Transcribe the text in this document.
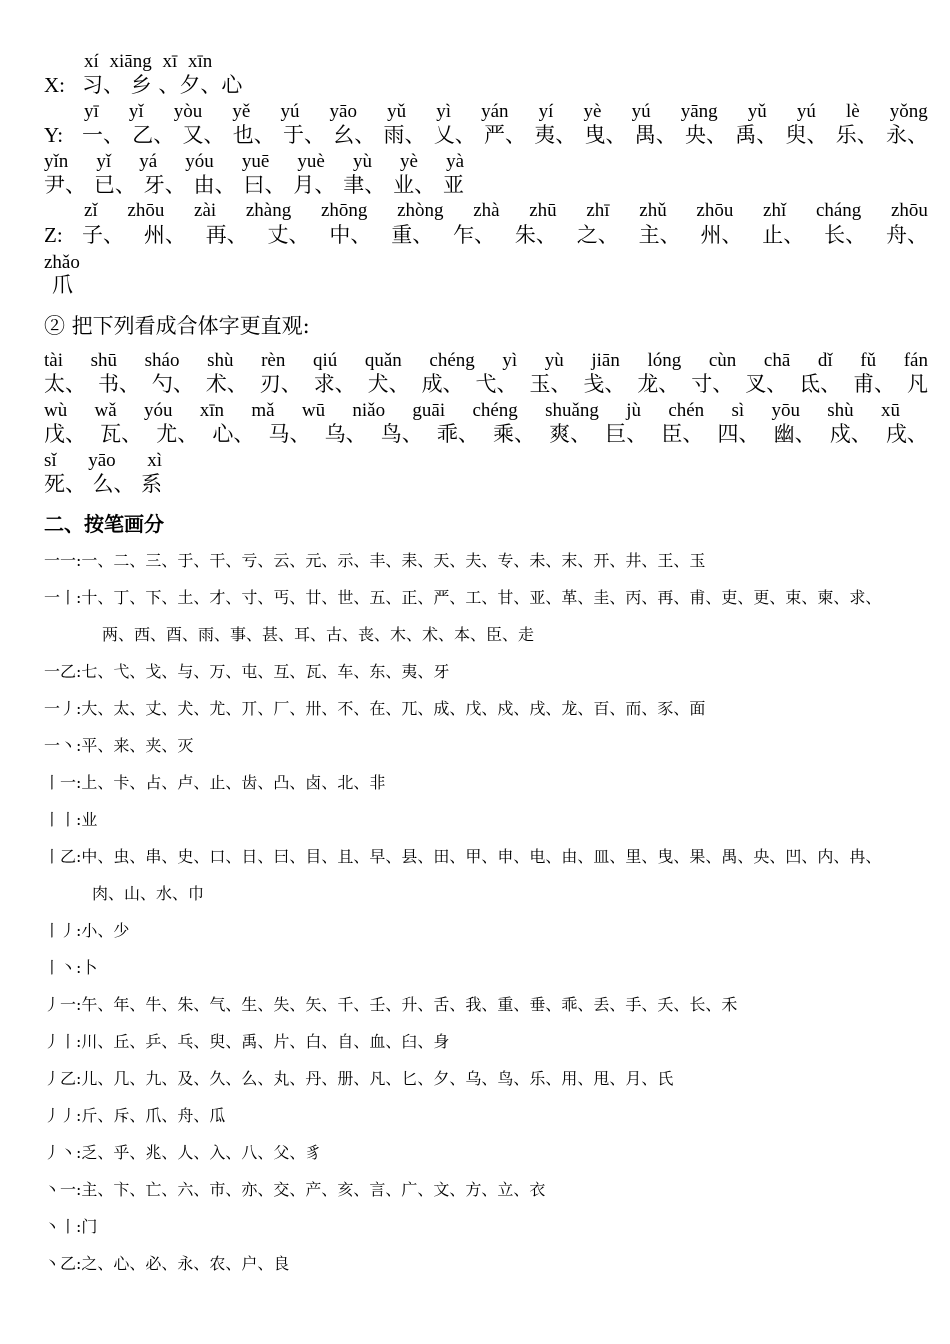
xí xiāng xī xīn
X: 习、 乡 、夕、心
yī yǐ yòu yě yú yāo yǔ yì yán yí yè yú yāng yǔ yú lè yǒng
一、 乙、 又、 也、 于、 幺、 雨、 乂、 严、 夷、 曳、 禺、 央、 禹、 臾、 乐、 永、
Y:
yǐn yǐ yá yóu yuē yuè yù yè yà
尹、 已、 牙、 由、 曰、 月、 聿、 业、 亚
zǐ zhōu zài zhàng zhōng zhòng zhà zhū zhī zhǔ zhōu zhǐ cháng zhōu
Z: 子、 州、 再、 丈、 中、 重、 乍、 朱、 之、 主、 州、 止、 长、 舟、
zhǎo
爪
② 把下列看成合体字更直观:
tài shū sháo shù rèn qiú quǎn chéng yì yù jiān lóng cùn chā dǐ fǔ fán
太、 书、 勺、 术、 刃、 求、 犬、 成、 弋、 玉、 戋、 龙、 寸、 叉、 氐、 甫、 凡
wù wǎ yóu xīn mǎ wū niǎo guāi chéng shuǎng jù chén sì yōu shù xū
戊、 瓦、 尤、 心、 马、 乌、 鸟、 乖、 乘、 爽、 巨、 臣、 四、 幽、 戍、 戌、
sǐ yāo xì
死、 么、 系
二、按笔画分
一一:一、二、三、于、干、亏、云、元、示、丰、耒、天、夫、专、未、末、开、井、王、玉
一丨:十、丁、下、土、才、寸、丐、廿、世、五、正、严、工、甘、亚、革、圭、丙、再、甫、吏、更、束、柬、求、
两、西、酉、雨、事、甚、耳、古、丧、木、术、本、臣、走
一乙:七、弋、戈、与、万、屯、互、瓦、车、东、夷、牙
一丿:大、太、丈、犬、尤、丌、厂、卅、不、在、兀、成、戊、戍、戌、龙、百、而、豕、面
一丶:平、来、夹、灭
丨一:上、卡、占、卢、止、齿、凸、卤、北、非
丨丨:业
丨乙:中、虫、串、史、口、日、曰、目、且、早、县、田、甲、申、电、由、皿、里、曳、果、禺、央、凹、内、冉、
肉、山、水、巾
丨丿:小、少
丨丶:卜
丿一:午、年、牛、朱、气、生、失、矢、千、壬、升、舌、我、重、垂、乖、丢、手、夭、长、禾
丿丨:川、丘、乒、乓、臾、禹、片、白、自、血、臼、身
丿乙:儿、几、九、及、久、么、丸、丹、册、凡、匕、夕、乌、鸟、乐、用、甩、月、氏
丿丿:斤、斥、爪、舟、瓜
丿丶:乏、乎、兆、人、入、八、父、豸
丶一:主、卞、亡、六、市、亦、交、产、亥、言、广、文、方、立、衣
丶丨:门
丶乙:之、心、必、永、农、户、良
